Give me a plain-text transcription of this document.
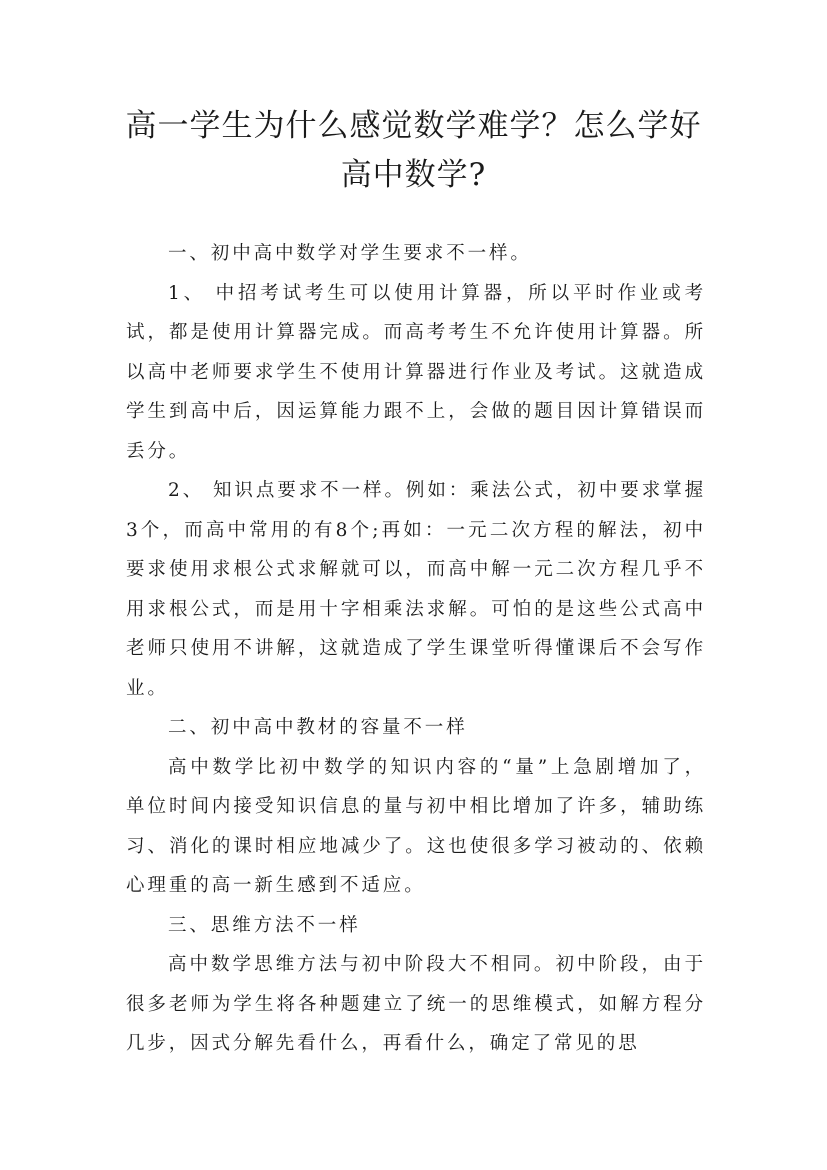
高一学生为什么感觉数学难学？怎么学好
高中数学?

一、初中高中数学对学生要求不一样。

1、 中招考试考生可以使用计算器，所以平时作业或考试，都是使用计算器完成。而高考考生不允许使用计算器。所以高中老师要求学生不使用计算器进行作业及考试。这就造成学生到高中后，因运算能力跟不上，会做的题目因计算错误而丢分。

2、 知识点要求不一样。例如：乘法公式，初中要求掌握3个，而高中常用的有8个;再如：一元二次方程的解法，初中要求使用求根公式求解就可以，而高中解一元二次方程几乎不用求根公式，而是用十字相乘法求解。可怕的是这些公式高中老师只使用不讲解，这就造成了学生课堂听得懂课后不会写作业。

二、初中高中教材的容量不一样

高中数学比初中数学的知识内容的“量”上急剧增加了，单位时间内接受知识信息的量与初中相比增加了许多，辅助练习、消化的课时相应地减少了。这也使很多学习被动的、依赖心理重的高一新生感到不适应。

三、思维方法不一样

高中数学思维方法与初中阶段大不相同。初中阶段，由于很多老师为学生将各种题建立了统一的思维模式，如解方程分几步，因式分解先看什么，再看什么，确定了常见的思
